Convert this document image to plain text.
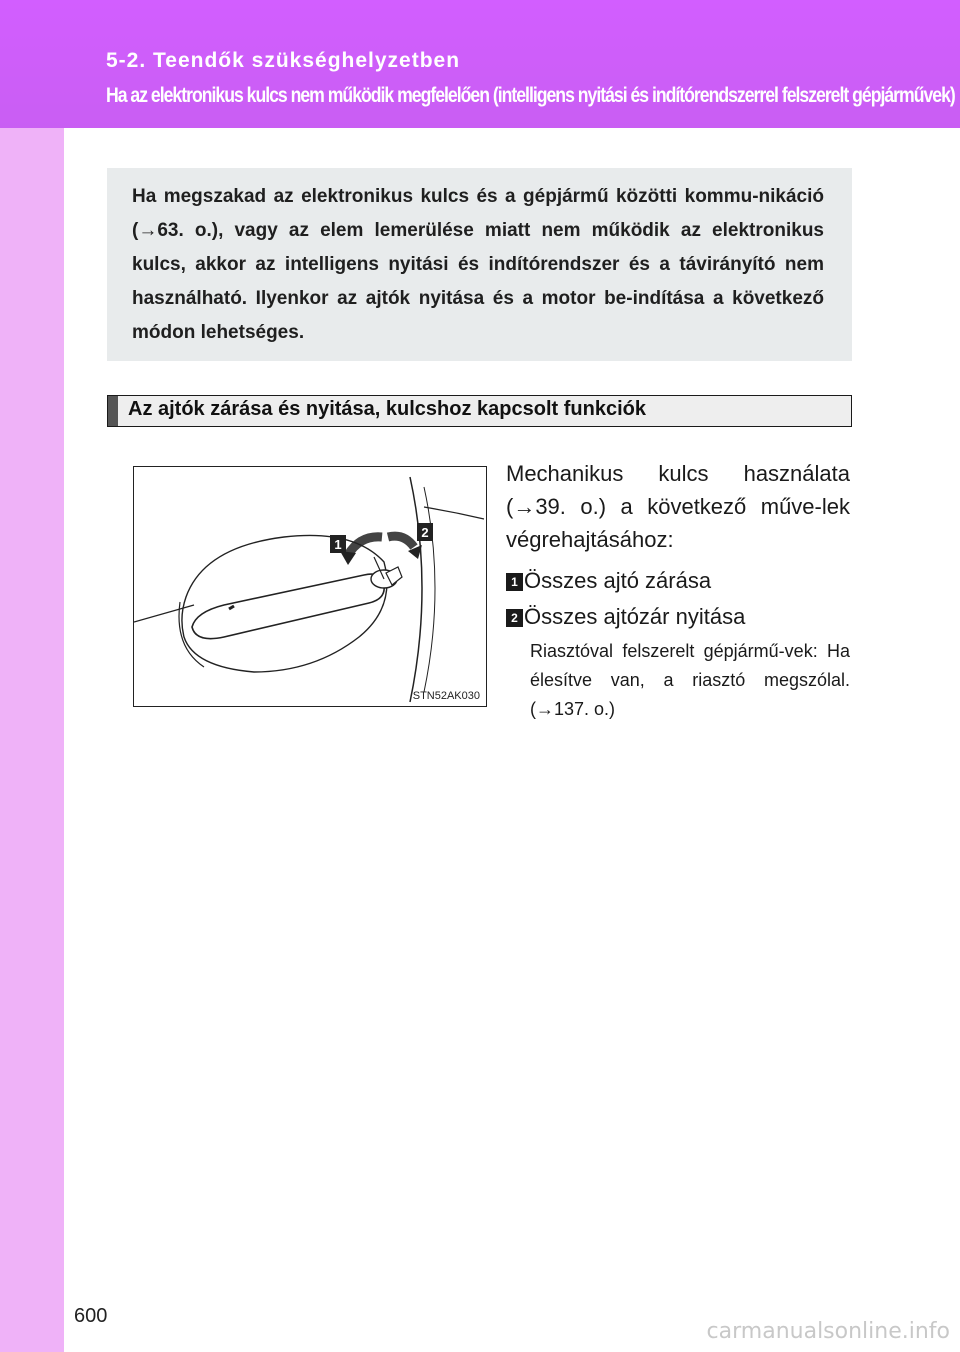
5-2. Teendők szükséghelyzetben
Ha az elektronikus kulcs nem működik megfelelően (intelligens nyitási és indítórendszerrel felszerelt gépjárművek)
Ha megszakad az elektronikus kulcs és a gépjármű közötti kommu-nikáció (→63. o.), vagy az elem lemerülése miatt nem működik az elektronikus kulcs, akkor az intelligens nyitási és indítórendszer és a távirányító nem használható. Ilyenkor az ajtók nyitása és a motor be-indítása a következő módon lehetséges.
Az ajtók zárása és nyitása, kulcshoz kapcsolt funkciók
1
2
STN52AK030
Mechanikus kulcs használata (→39. o.) a következő műve-lek végrehajtásához:
1 Összes ajtó zárása
2 Összes ajtózár nyitása
Riasztóval felszerelt gépjármű-vek: Ha élesítve van, a riasztó megszólal. (→137. o.)
600
carmanualsonline.info
